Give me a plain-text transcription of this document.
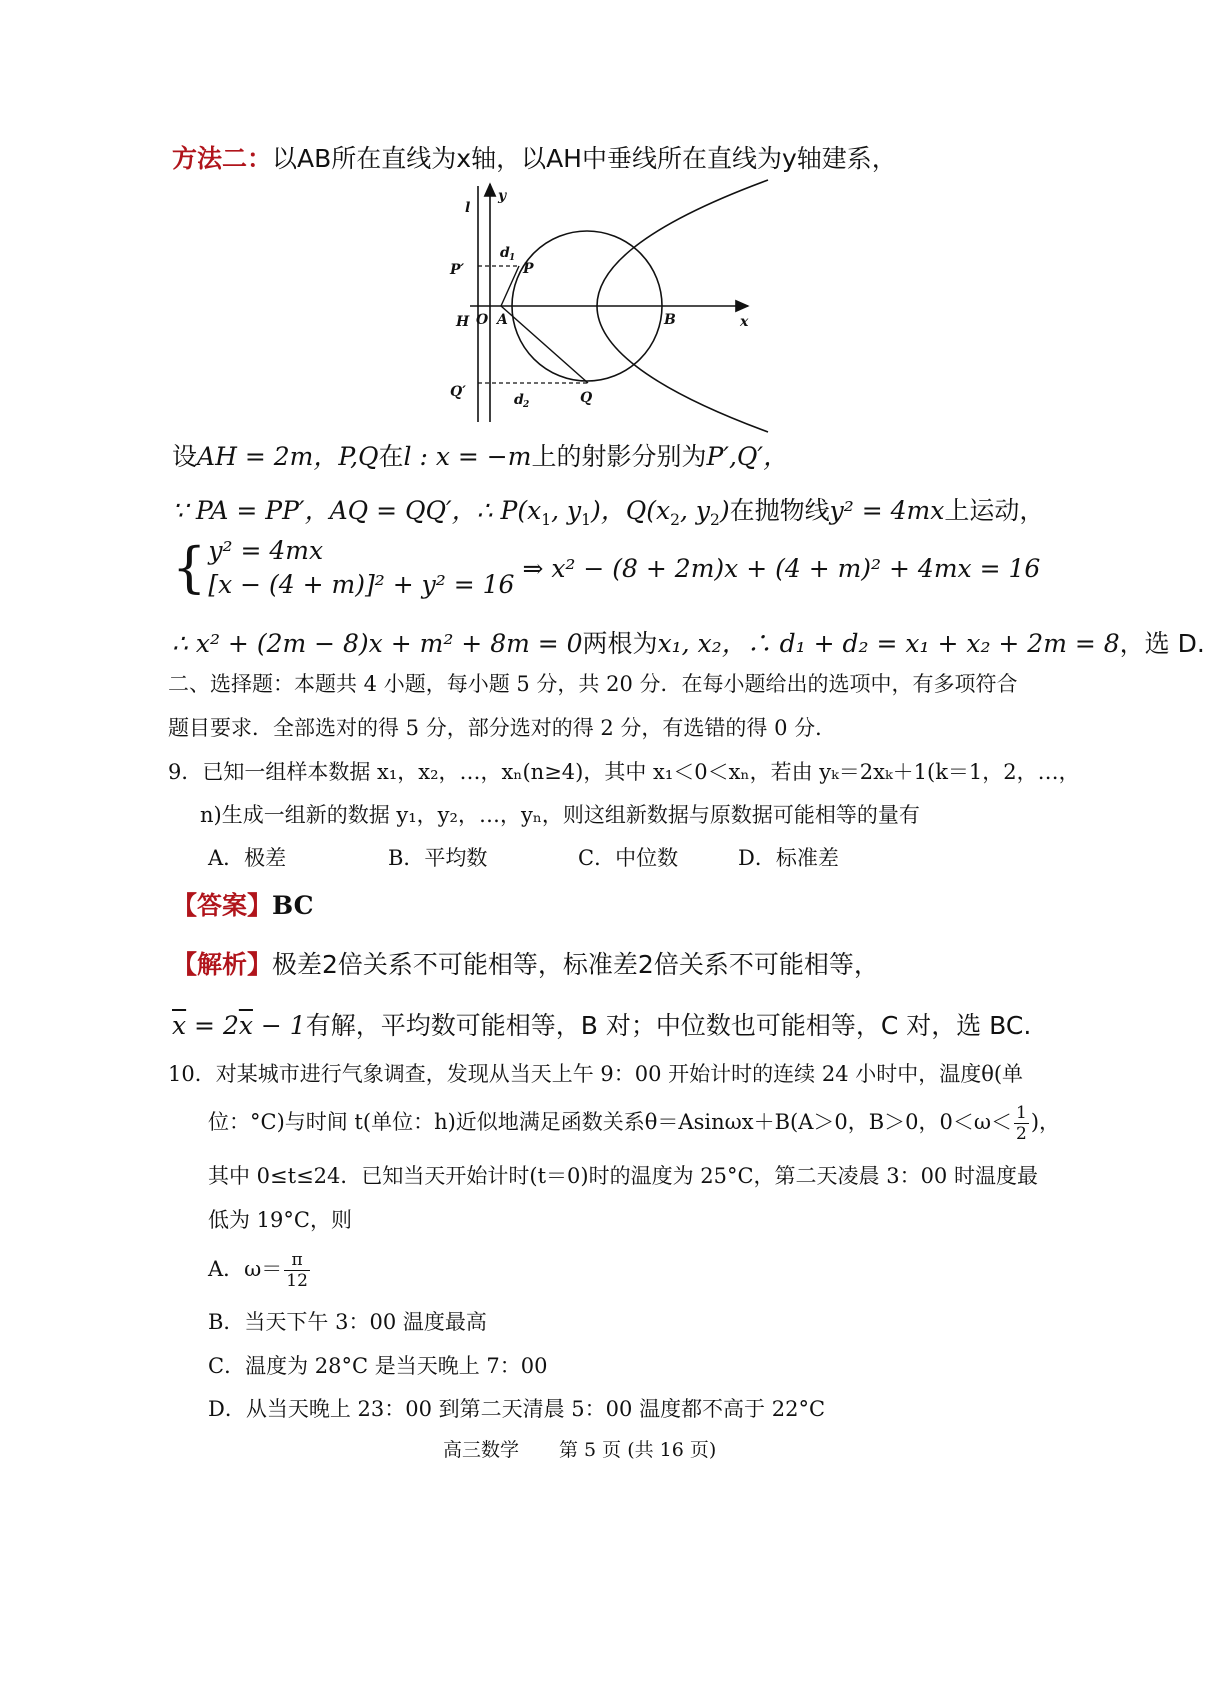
方法二：以AB所在直线为x轴，以AH中垂线所在直线为y轴建系，
y
x
l
P′
Q′
d 1
d 2
P
Q
H O A	B
设AH = 2m，P,Q在l : x = −m上的射影分别为P′,Q′，
∵ PA = PP′，AQ = QQ′，∴ $P(x_1$, $y_1$)，$Q(x_2$, $y_2$)在抛物线y² = 4mx上运动，
{y² = 4mx
[x − (4 + m)]² + y² = 16⇒ x² − (8 + 2m)x + (4 + m)² + 4mx = 16
∴ x² + (2m − 8)x + m² + 8m = 0两根为x₁, x₂，∴ d₁ + d₂ = x₁ + x₂ + 2m = 8，选 D.
二、选择题：本题共 4 小题，每小题 5 分，共 20 分．在每小题给出的选项中，有多项符合
题目要求．全部选对的得 5 分，部分选对的得 2 分，有选错的得 0 分．
9．已知一组样本数据 x₁，x₂，…，xₙ(n≥4)，其中 x₁＜0＜xₙ，若由 yₖ＝2xₖ＋1(k＝1，2，…，
n)生成一组新的数据 y₁，y₂，…，yₙ，则这组新数据与原数据可能相等的量有
A．极差	B．平均数	C．中位数	D．标准差
【答案】BC
【解析】极差2倍关系不可能相等，标准差2倍关系不可能相等，
$\overline{x} = 2\overline{x} - 1$有解，平均数可能相等，B 对；中位数也可能相等，C 对，选 BC.
10．对某城市进行气象调查，发现从当天上午 9：00 开始计时的连续 24 小时中，温度θ(单
位：°C)与时间 t(单位：h)近似地满足函数关系θ＝Asinωx＋B(A＞0，B＞0，$0<\omega< \frac{1}{2}$ )，
其中 0≤t≤24．已知当天开始计时(t＝0)时的温度为 25°C，第二天凌晨 3：00 时温度最
低为 19°C，则
A．$\omega= \frac{\pi}{12}$
B．当天下午 3：00 温度最高
C．温度为 28°C 是当天晚上 7：00
D．从当天晚上 23：00 到第二天清晨 5：00 温度都不高于 22°C
高三数学 第 5 页 (共 16 页)
